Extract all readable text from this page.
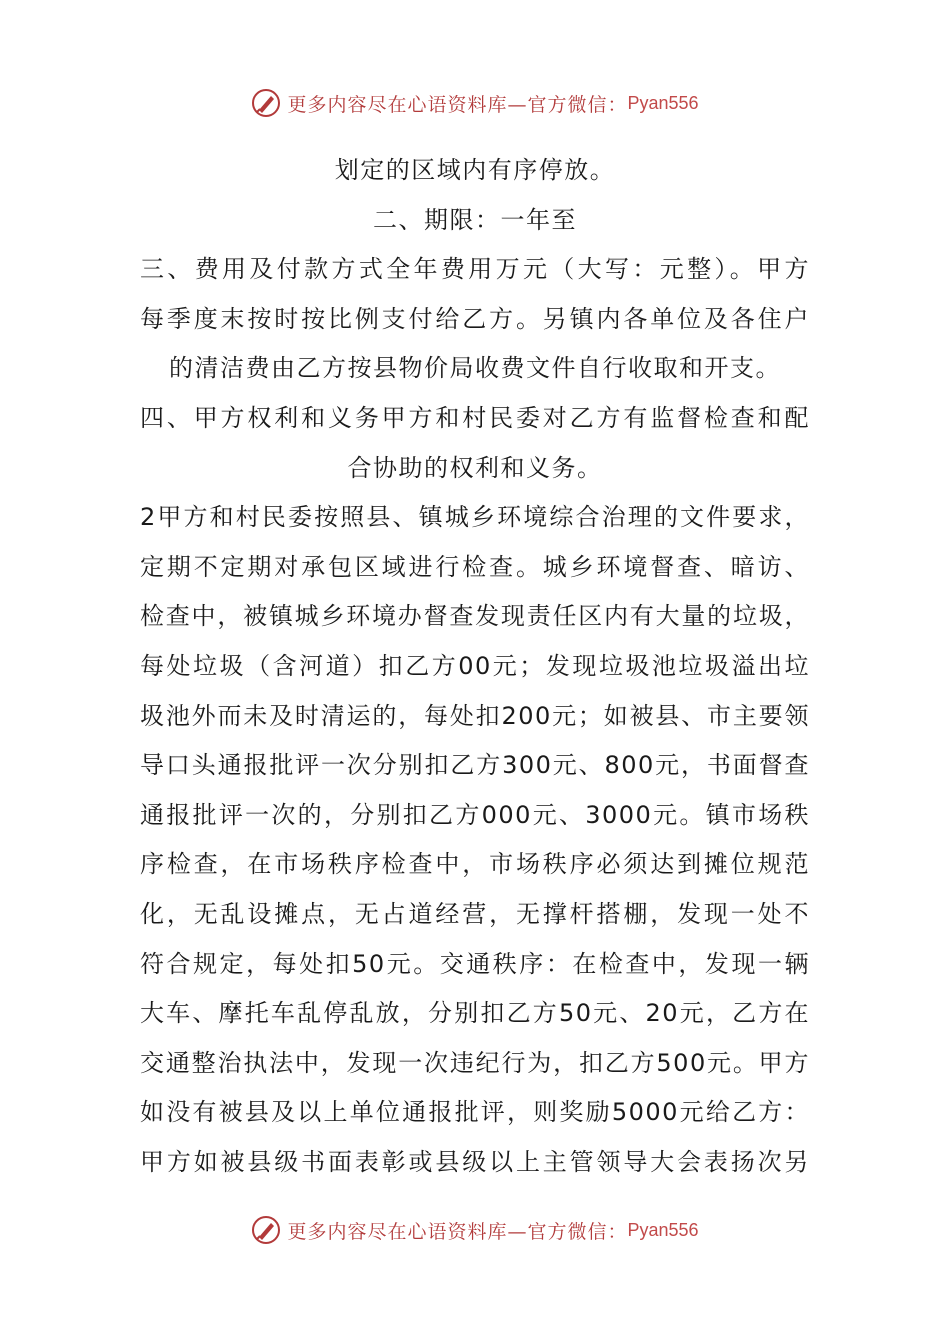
更多内容尽在心语资料库—官方微信： Pyan556
划定的区域内有序停放。
二、期限：一年至
三、费用及付款方式全年费用万元（大写：元整）。甲方
每季度末按时按比例支付给乙方。另镇内各单位及各住户
的清洁费由乙方按县物价局收费文件自行收取和开支。
四、甲方权利和义务甲方和村民委对乙方有监督检查和配
合协助的权利和义务。
2甲方和村民委按照县、镇城乡环境综合治理的文件要求，
定期不定期对承包区域进行检查。城乡环境督查、暗访、
检查中，被镇城乡环境办督查发现责任区内有大量的垃圾，
每处垃圾（含河道）扣乙方00元；发现垃圾池垃圾溢出垃
圾池外而未及时清运的，每处扣200元；如被县、市主要领
导口头通报批评一次分别扣乙方300元、800元，书面督查
通报批评一次的，分别扣乙方000元、3000元。镇市场秩
序检查，在市场秩序检查中，市场秩序必须达到摊位规范
化，无乱设摊点，无占道经营，无撑杆搭棚，发现一处不
符合规定，每处扣50元。交通秩序：在检查中，发现一辆
大车、摩托车乱停乱放，分别扣乙方50元、20元，乙方在
交通整治执法中，发现一次违纪行为，扣乙方500元。甲方
如没有被县及以上单位通报批评，则奖励5000元给乙方：
甲方如被县级书面表彰或县级以上主管领导大会表扬次另
更多内容尽在心语资料库—官方微信： Pyan556
